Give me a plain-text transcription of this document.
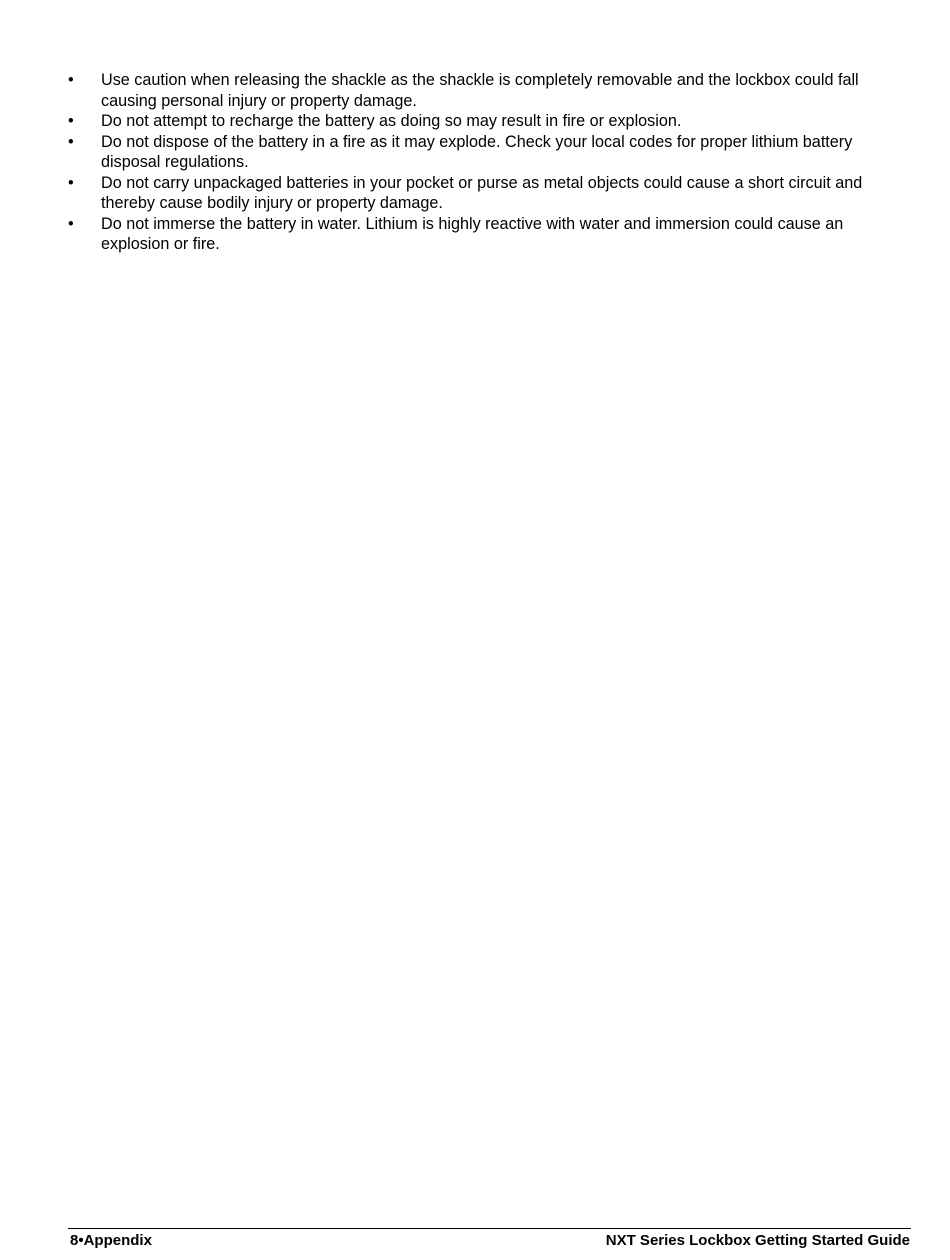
•	Use caution when releasing the shackle as the shackle is completely removable and the lockbox could fall causing personal injury or property damage.
•	Do not attempt to recharge the battery as doing so may result in fire or explosion.
•	Do not dispose of the battery in a fire as it may explode. Check your local codes for proper lithium battery disposal regulations.
•	Do not carry unpackaged batteries in your pocket or purse as metal objects could cause a short circuit and thereby cause bodily injury or property damage.
•	Do not immerse the battery in water. Lithium is highly reactive with water and immersion could cause an explosion or fire.
8•Appendix	NXT Series Lockbox Getting Started Guide
